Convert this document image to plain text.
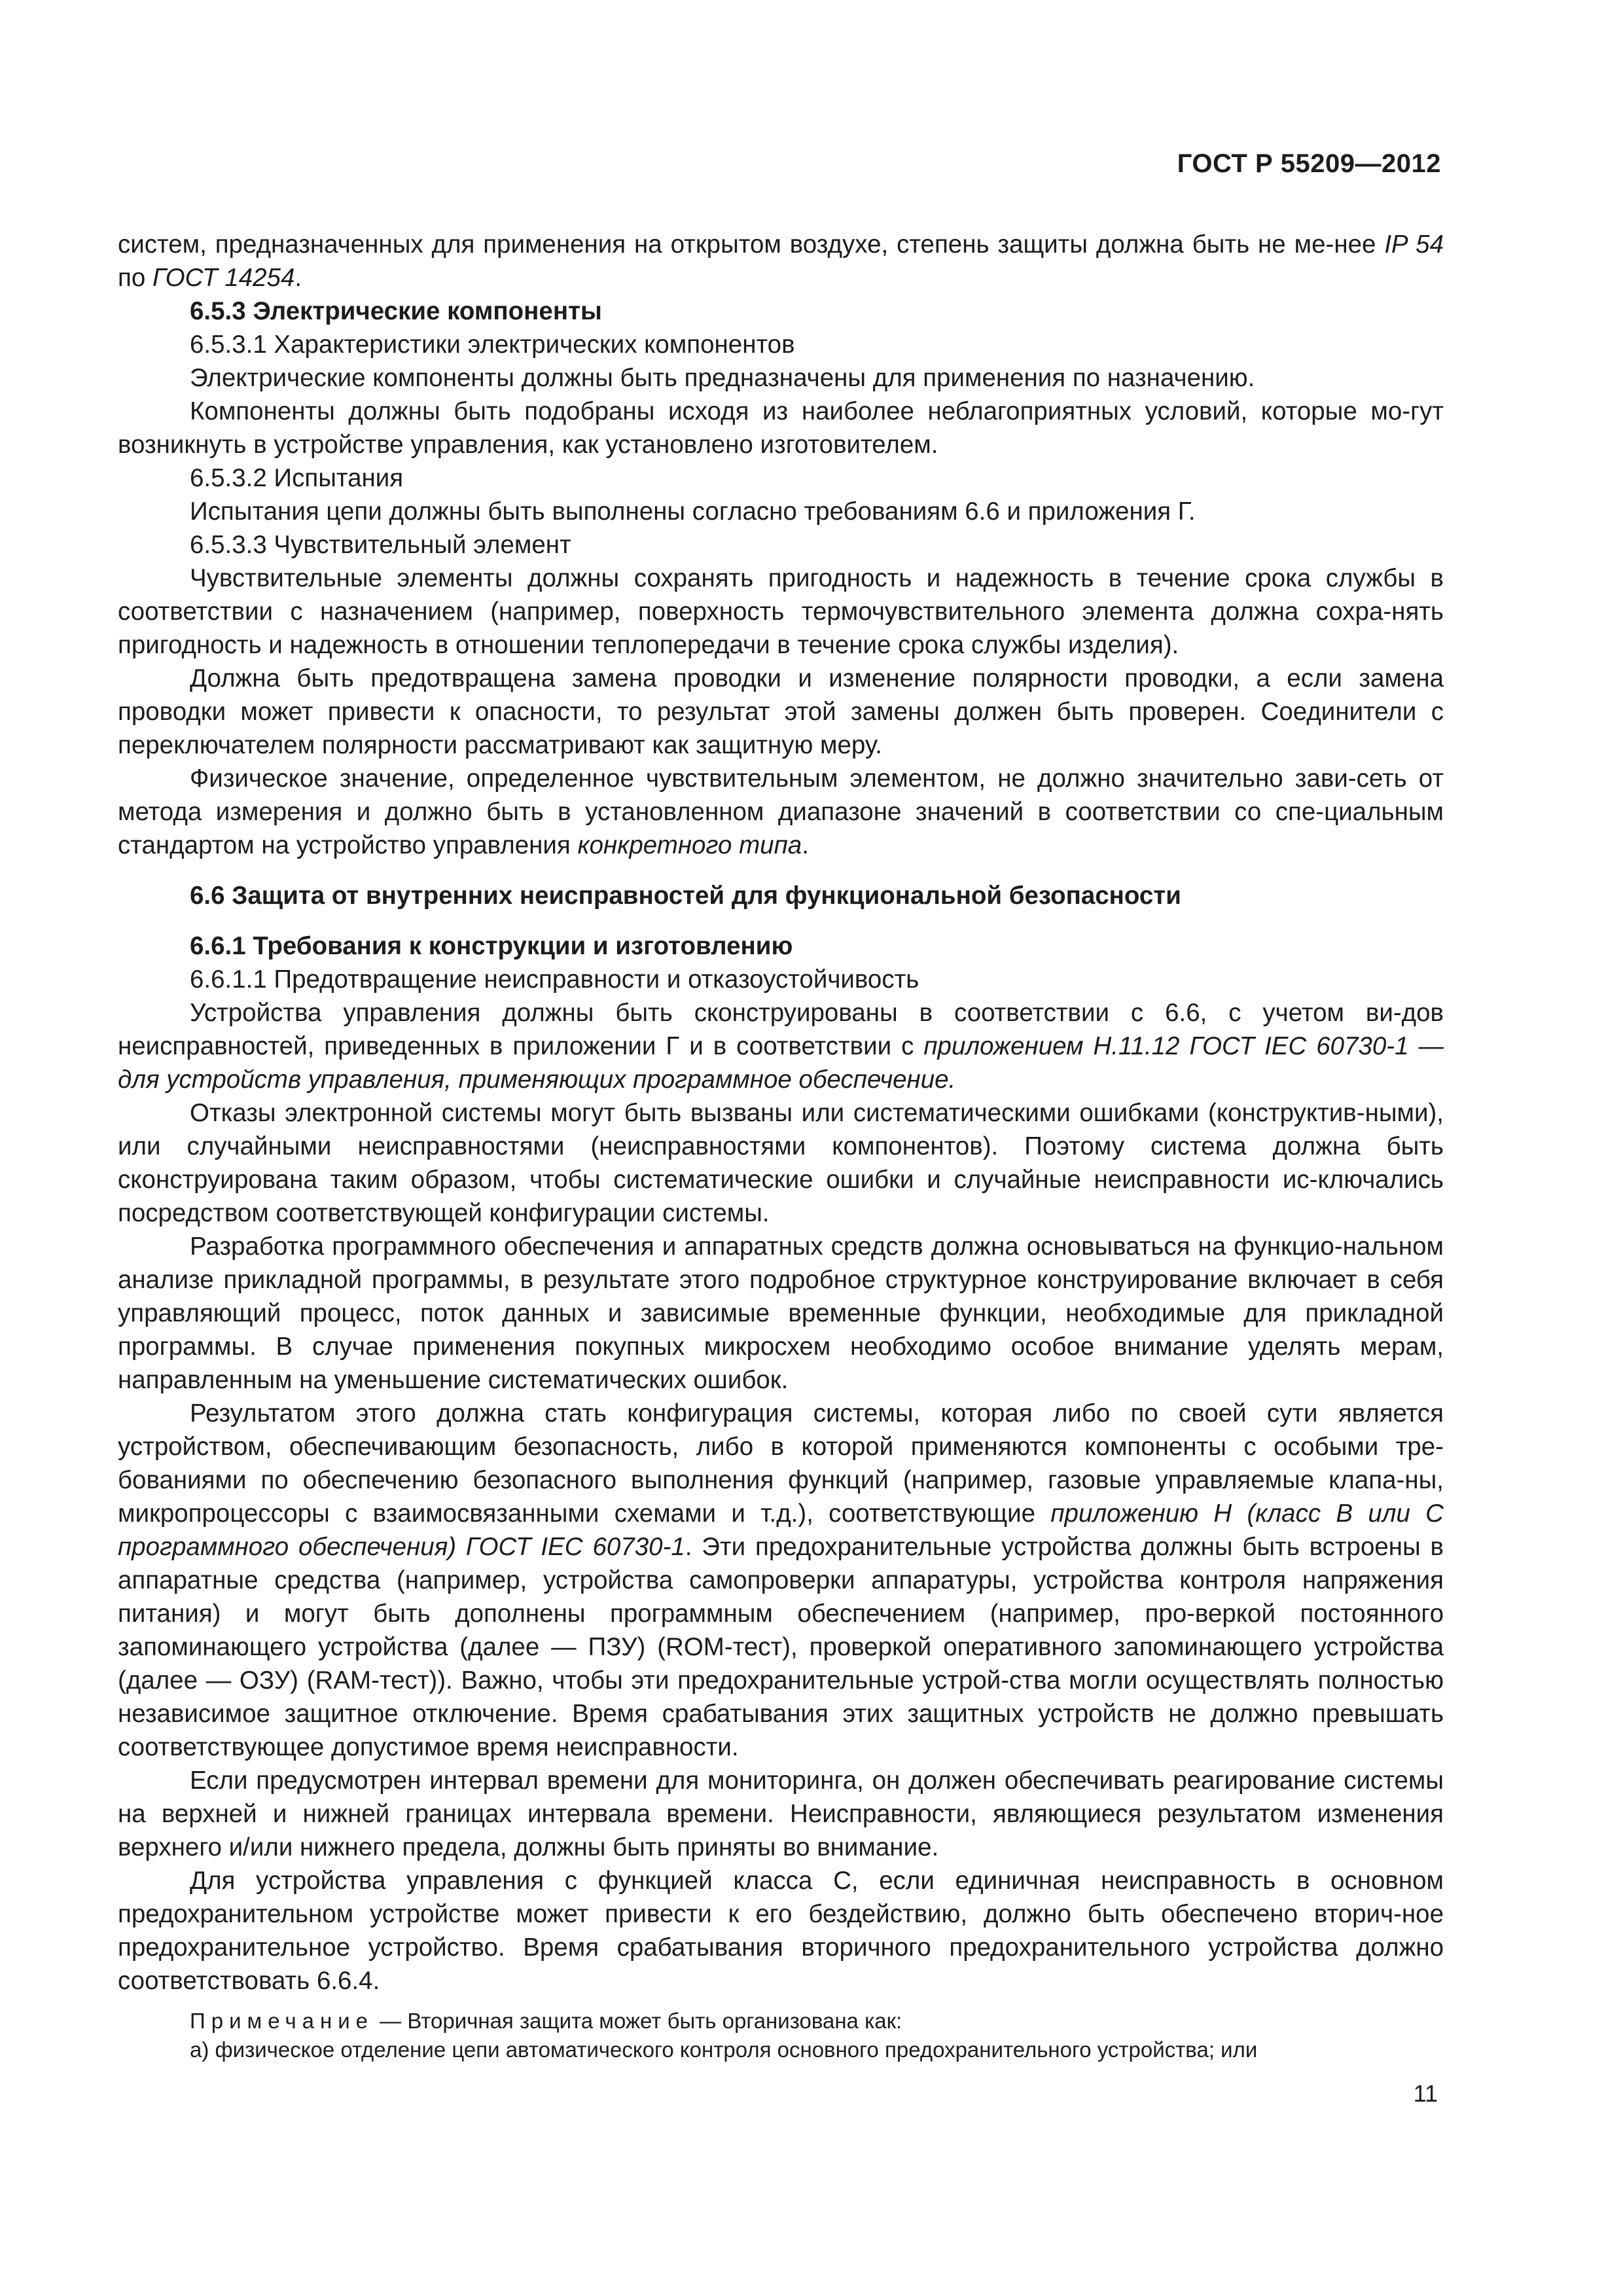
ГОСТ Р 55209—2012

систем, предназначенных для применения на открытом воздухе, степень защиты должна быть не ме-нее IP 54 по ГОСТ 14254.

6.5.3 Электрические компоненты

6.5.3.1 Характеристики электрических компонентов

Электрические компоненты должны быть предназначены для применения по назначению.

Компоненты должны быть подобраны исходя из наиболее неблагоприятных условий, которые мо-гут возникнуть в устройстве управления, как установлено изготовителем.

6.5.3.2 Испытания

Испытания цепи должны быть выполнены согласно требованиям 6.6 и приложения Г.

6.5.3.3 Чувствительный элемент

Чувствительные элементы должны сохранять пригодность и надежность в течение срока службы в соответствии с назначением (например, поверхность термочувствительного элемента должна сохра-нять пригодность и надежность в отношении теплопередачи в течение срока службы изделия).

Должна быть предотвращена замена проводки и изменение полярности проводки, а если замена проводки может привести к опасности, то результат этой замены должен быть проверен. Соединители с переключателем полярности рассматривают как защитную меру.

Физическое значение, определенное чувствительным элементом, не должно значительно зави-сеть от метода измерения и должно быть в установленном диапазоне значений в соответствии со спе-циальным стандартом на устройство управления конкретного типа.

6.6 Защита от внутренних неисправностей для функциональной безопасности

6.6.1 Требования к конструкции и изготовлению

6.6.1.1 Предотвращение неисправности и отказоустойчивость

Устройства управления должны быть сконструированы в соответствии с 6.6, с учетом ви-дов неисправностей, приведенных в приложении Г и в соответствии с приложением Н.11.12 ГОСТ IEC 60730-1 — для устройств управления, применяющих программное обеспечение.

Отказы электронной системы могут быть вызваны или систематическими ошибками (конструктив-ными), или случайными неисправностями (неисправностями компонентов). Поэтому система должна быть сконструирована таким образом, чтобы систематические ошибки и случайные неисправности ис-ключались посредством соответствующей конфигурации системы.

Разработка программного обеспечения и аппаратных средств должна основываться на функцио-нальном анализе прикладной программы, в результате этого подробное структурное конструирование включает в себя управляющий процесс, поток данных и зависимые временные функции, необходимые для прикладной программы. В случае применения покупных микросхем необходимо особое внимание уделять мерам, направленным на уменьшение систематических ошибок.

Результатом этого должна стать конфигурация системы, которая либо по своей сути является устройством, обеспечивающим безопасность, либо в которой применяются компоненты с особыми тре-бованиями по обеспечению безопасного выполнения функций (например, газовые управляемые клапа-ны, микропроцессоры с взаимосвязанными схемами и т.д.), соответствующие приложению Н (класс В или С программного обеспечения) ГОСТ IEC 60730-1. Эти предохранительные устройства должны быть встроены в аппаратные средства (например, устройства самопроверки аппаратуры, устройства контроля напряжения питания) и могут быть дополнены программным обеспечением (например, про-веркой постоянного запоминающего устройства (далее — ПЗУ) (ROM-тест), проверкой оперативного запоминающего устройства (далее — ОЗУ) (RAM-тест)). Важно, чтобы эти предохранительные устрой-ства могли осуществлять полностью независимое защитное отключение. Время срабатывания этих защитных устройств не должно превышать соответствующее допустимое время неисправности.

Если предусмотрен интервал времени для мониторинга, он должен обеспечивать реагирование системы на верхней и нижней границах интервала времени. Неисправности, являющиеся результатом изменения верхнего и/или нижнего предела, должны быть приняты во внимание.

Для устройства управления с функцией класса С, если единичная неисправность в основном предохранительном устройстве может привести к его бездействию, должно быть обеспечено вторич-ное предохранительное устройство. Время срабатывания вторичного предохранительного устройства должно соответствовать 6.6.4.

Примечание — Вторичная защита может быть организована как:

а) физическое отделение цепи автоматического контроля основного предохранительного устройства; или

11
